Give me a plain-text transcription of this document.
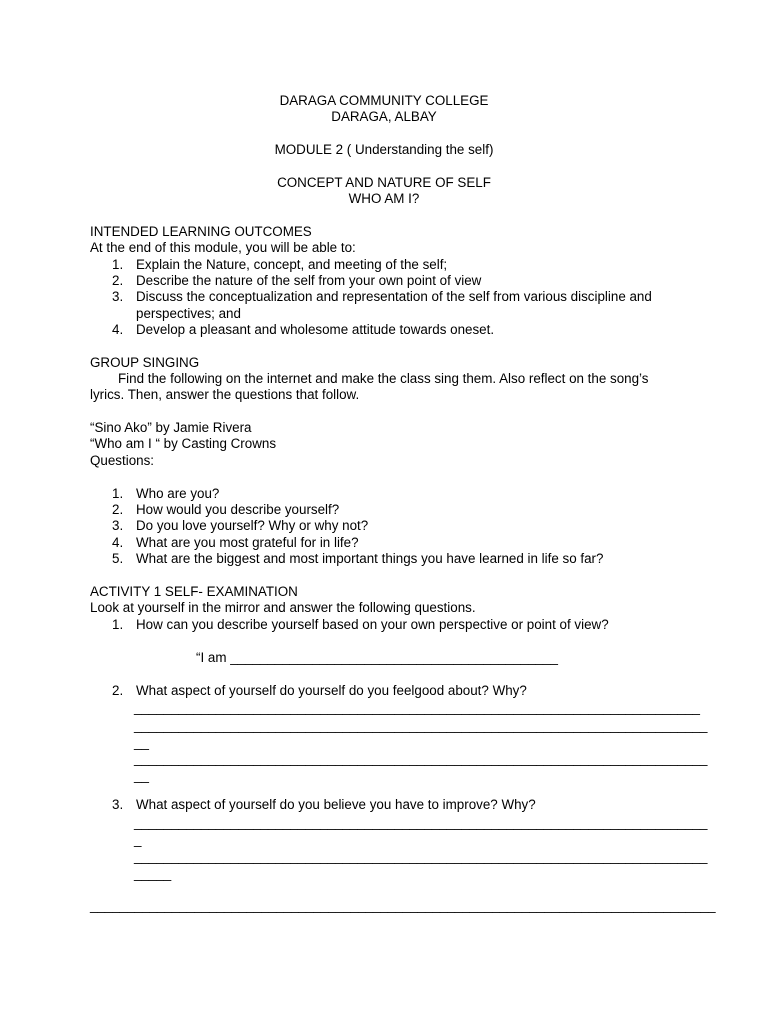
DARAGA COMMUNITY COLLEGE
DARAGA, ALBAY
MODULE 2 ( Understanding the self)
CONCEPT AND NATURE OF SELF
WHO AM I?
INTENDED LEARNING OUTCOMES
At the end of this module, you will be able to:
1. Explain the Nature, concept, and meeting of the self;
2. Describe the nature of the self from your own point of view
3. Discuss the conceptualization and representation of the self from various discipline and
perspectives; and
4. Develop a pleasant and wholesome attitude towards oneset.
GROUP SINGING
Find the following on the internet and make the class sing them. Also reflect on the song’s
lyrics. Then, answer the questions that follow.
“Sino Ako” by Jamie Rivera
“Who am I “ by Casting Crowns
Questions:
1. Who are you?
2. How would you describe yourself?
3. Do you love yourself? Why or why not?
4. What are you most grateful for in life?
5. What are the biggest and most important things you have learned in life so far?
ACTIVITY 1 SELF- EXAMINATION
Look at yourself in the mirror and answer the following questions.
1. How can you describe yourself based on your own perspective or point of view?
“I am ____________________________________________
2. What aspect of yourself do yourself do you feelgood about? Why?
____________________________________________________________________________
_____________________________________________________________________________
__
_____________________________________________________________________________
__
3. What aspect of yourself do you believe you have to improve? Why?
_____________________________________________________________________________
_
_____________________________________________________________________________
_____
____________________________________________________________________________________
